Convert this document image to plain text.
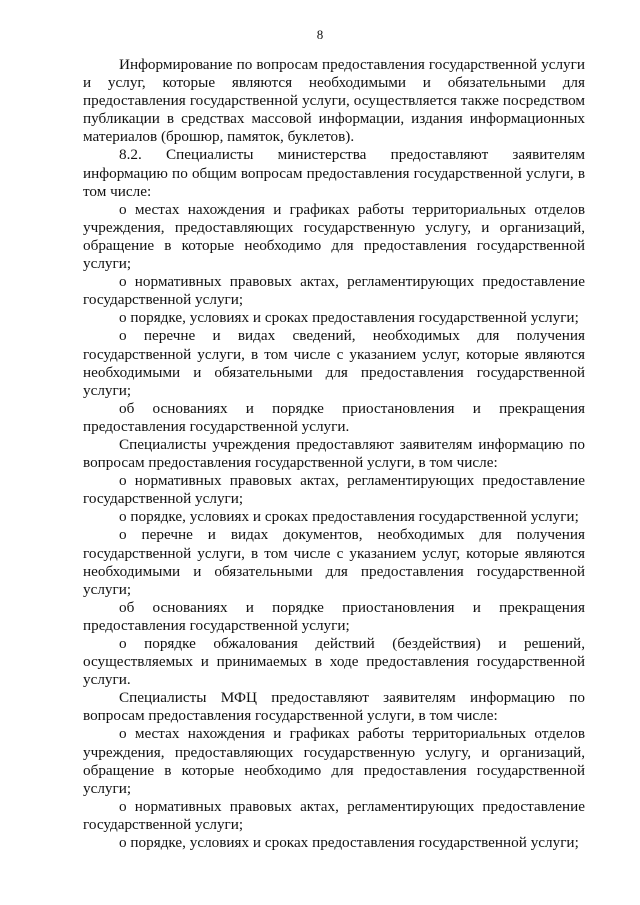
8

Информирование по вопросам предоставления государственной услуги и услуг, которые являются необходимыми и обязательными для предоставления государственной услуги, осуществляется также посредством публикации в средствах массовой информации, издания информационных материалов (брошюр, памяток, буклетов).

8.2. Специалисты министерства предоставляют заявителям информацию по общим вопросам предоставления государственной услуги, в том числе:

о местах нахождения и графиках работы территориальных отделов учреждения, предоставляющих государственную услугу, и организаций, обращение в которые необходимо для предоставления государственной услуги;

о нормативных правовых актах, регламентирующих предоставление государственной услуги;

о порядке, условиях и сроках предоставления государственной услуги;

о перечне и видах сведений, необходимых для получения государственной услуги, в том числе с указанием услуг, которые являются необходимыми и обязательными для предоставления государственной услуги;

об основаниях и порядке приостановления и прекращения предоставления государственной услуги.

Специалисты учреждения предоставляют заявителям информацию по вопросам предоставления государственной услуги, в том числе:

о нормативных правовых актах, регламентирующих предоставление государственной услуги;

о порядке, условиях и сроках предоставления государственной услуги;

о перечне и видах документов, необходимых для получения государственной услуги, в том числе с указанием услуг, которые являются необходимыми и обязательными для предоставления государственной услуги;

об основаниях и порядке приостановления и прекращения предоставления государственной услуги;

о порядке обжалования действий (бездействия) и решений, осуществляемых и принимаемых в ходе предоставления государственной услуги.

Специалисты МФЦ предоставляют заявителям информацию по вопросам предоставления государственной услуги, в том числе:

о местах нахождения и графиках работы территориальных отделов учреждения, предоставляющих государственную услугу, и организаций, обращение в которые необходимо для предоставления государственной услуги;

о нормативных правовых актах, регламентирующих предоставление государственной услуги;

о порядке, условиях и сроках предоставления государственной услуги;
